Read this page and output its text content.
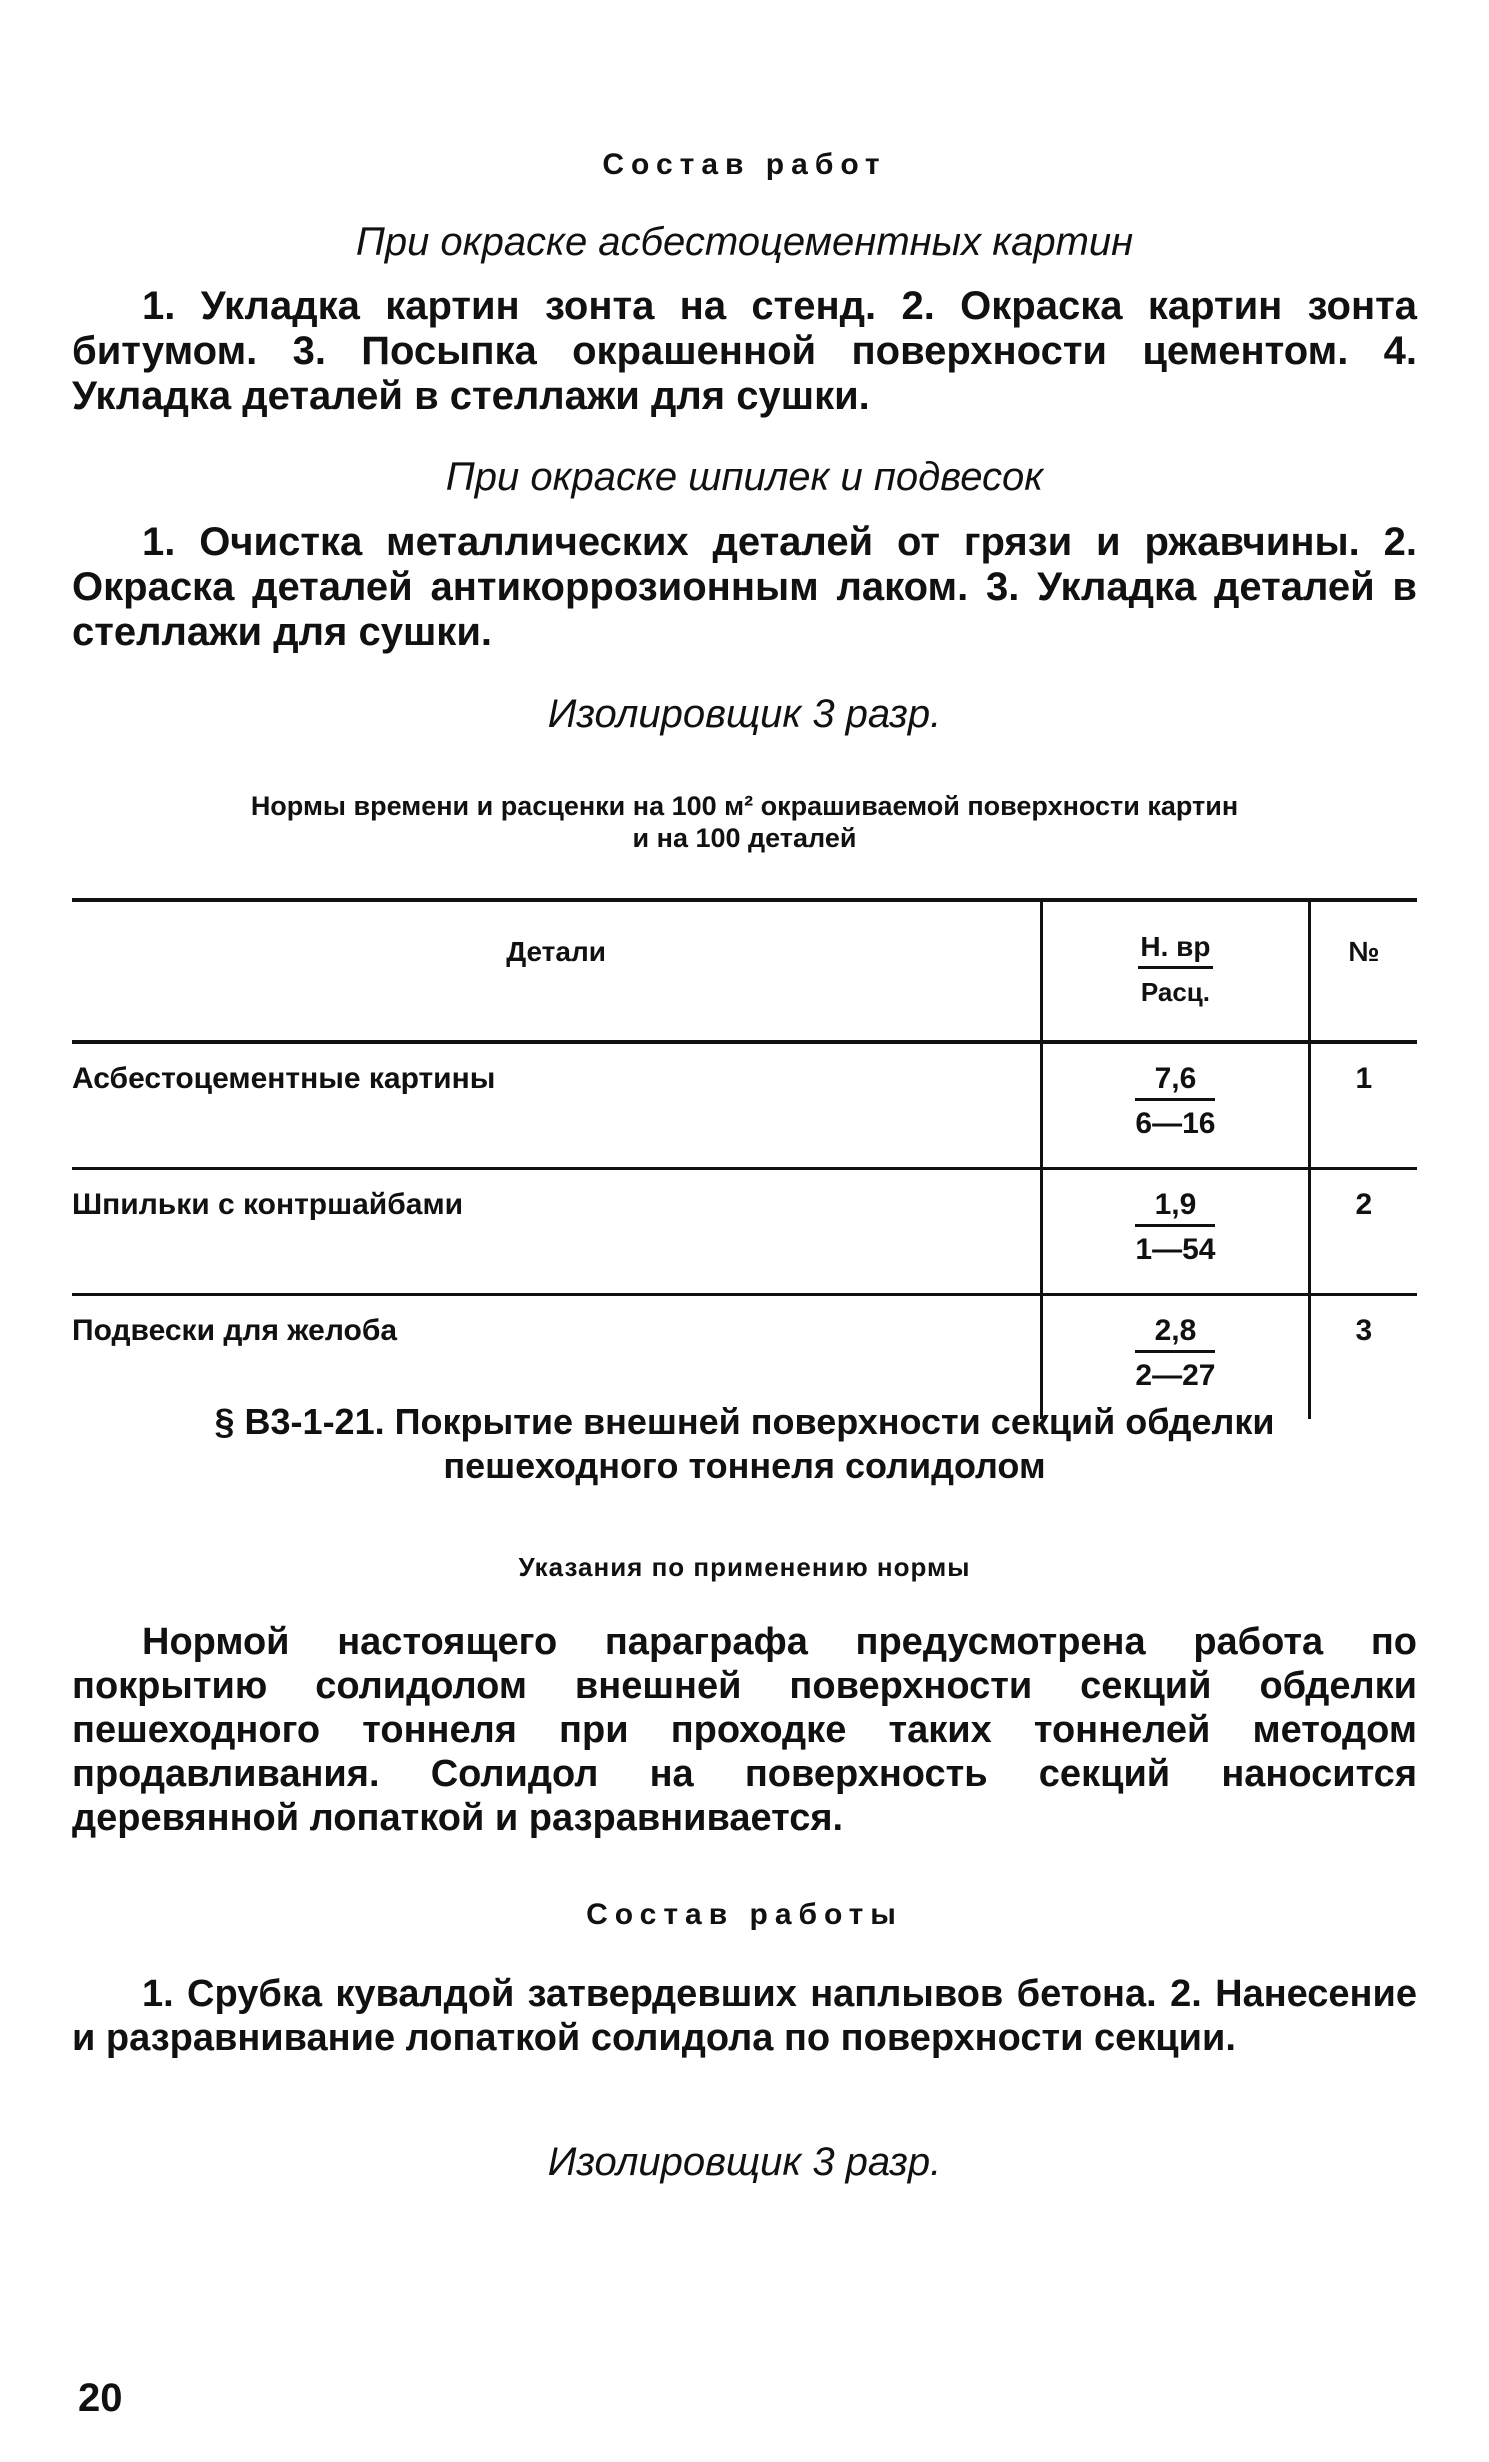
Состав работ
При окраске асбестоцементных картин

1. Укладка картин зонта на стенд. 2. Окраска картин зонта битумом. 3. Посыпка окрашенной поверхности цементом. 4. Укладка деталей в стеллажи для сушки.

При окраске шпилек и подвесок

1. Очистка металлических деталей от грязи и ржавчины. 2. Окраска деталей антикоррозионным лаком. 3. Укладка деталей в стеллажи для сушки.

Изолировщик 3 разр.
Нормы времени и расценки на 100 м² окрашиваемой поверхности картин
и на 100 деталей
Детали	$\frac{Н. вр}{\text{Расц.}}$	№
Асбестоцементные картины	$\frac{7,6}{6—16}$	1
Шпильки с контршайбами	$\frac{1,9}{1—54}$	2
Подвески для желоба	$\frac{2,8}{2—27}$	3
§ В3-1-21. Покрытие внешней поверхности секций обделки
пешеходного тоннеля солидолом
Указания по применению нормы

Нормой настоящего параграфа предусмотрена работа по покрытию солидолом внешней поверхности секций обделки пешеходного тоннеля при проходке таких тоннелей методом продавливания. Солидол на поверхность секций наносится деревянной лопаткой и разравнивается.

Состав работы

1. Срубка кувалдой затвердевших наплывов бетона. 2. Нанесение и разравнивание лопаткой солидола по поверхности секции.

Изолировщик 3 разр.
20
